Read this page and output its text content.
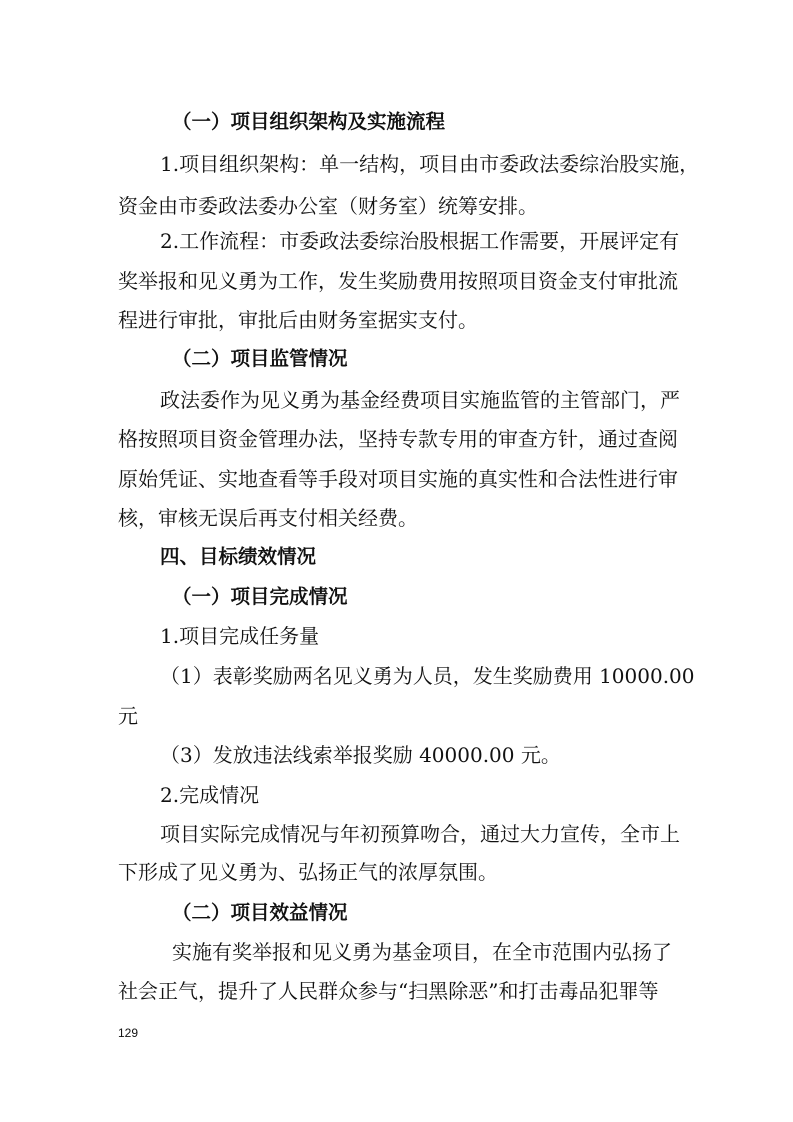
（一）项目组织架构及实施流程
1.项目组织架构：单一结构，项目由市委政法委综治股实施，
资金由市委政法委办公室（财务室）统筹安排。
2.工作流程：市委政法委综治股根据工作需要，开展评定有
奖举报和见义勇为工作，发生奖励费用按照项目资金支付审批流
程进行审批，审批后由财务室据实支付。
（二）项目监管情况
政法委作为见义勇为基金经费项目实施监管的主管部门，严
格按照项目资金管理办法，坚持专款专用的审查方针，通过查阅
原始凭证、实地查看等手段对项目实施的真实性和合法性进行审
核，审核无误后再支付相关经费。
四、目标绩效情况
（一）项目完成情况
1.项目完成任务量
（1）表彰奖励两名见义勇为人员，发生奖励费用 10000.00
元
（3）发放违法线索举报奖励 40000.00 元。
2.完成情况
项目实际完成情况与年初预算吻合，通过大力宣传，全市上
下形成了见义勇为、弘扬正气的浓厚氛围。
（二）项目效益情况
实施有奖举报和见义勇为基金项目，在全市范围内弘扬了
社会正气，提升了人民群众参与“扫黑除恶”和打击毒品犯罪等
129
